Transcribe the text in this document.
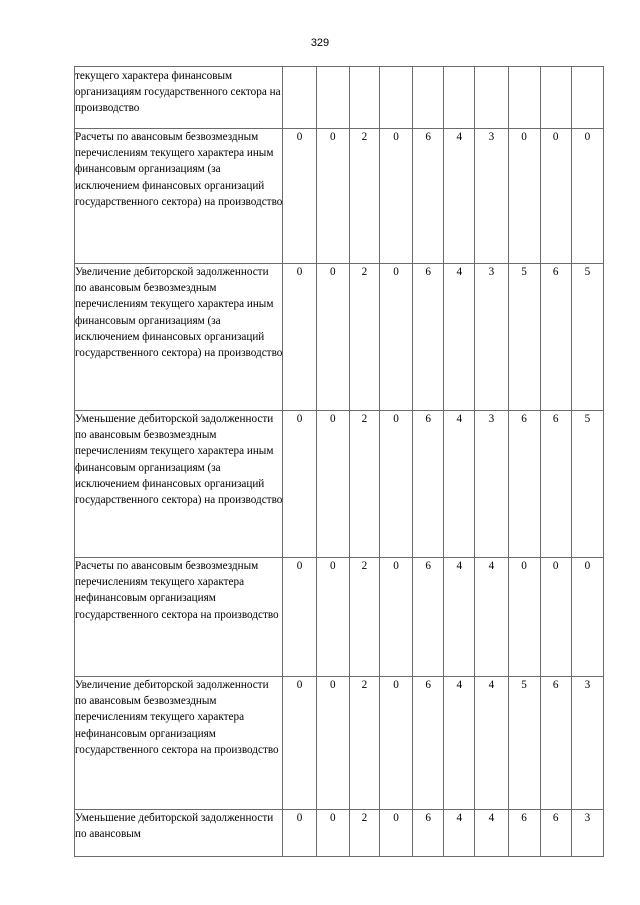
329
текущего характера финансовым организациям государственного сектора на производство										
Расчеты по авансовым безвозмездным перечислениям текущего характера иным финансовым организациям (за исключением финансовых организаций государственного сектора) на производство	0	0	2	0	6	4	3	0	0	0
Увеличение дебиторской задолженности по авансовым безвозмездным перечислениям текущего характера иным финансовым организациям (за исключением финансовых организаций государственного сектора) на производство	0	0	2	0	6	4	3	5	6	5
Уменьшение дебиторской задолженности по авансовым безвозмездным перечислениям текущего характера иным финансовым организациям (за исключением финансовых организаций государственного сектора) на производство	0	0	2	0	6	4	3	6	6	5
Расчеты по авансовым безвозмездным перечислениям текущего характера нефинансовым организациям государственного сектора на производство	0	0	2	0	6	4	4	0	0	0
Увеличение дебиторской задолженности по авансовым безвозмездным перечислениям текущего характера нефинансовым организациям государственного сектора на производство	0	0	2	0	6	4	4	5	6	3
Уменьшение дебиторской задолженности по авансовым	0	0	2	0	6	4	4	6	6	3
